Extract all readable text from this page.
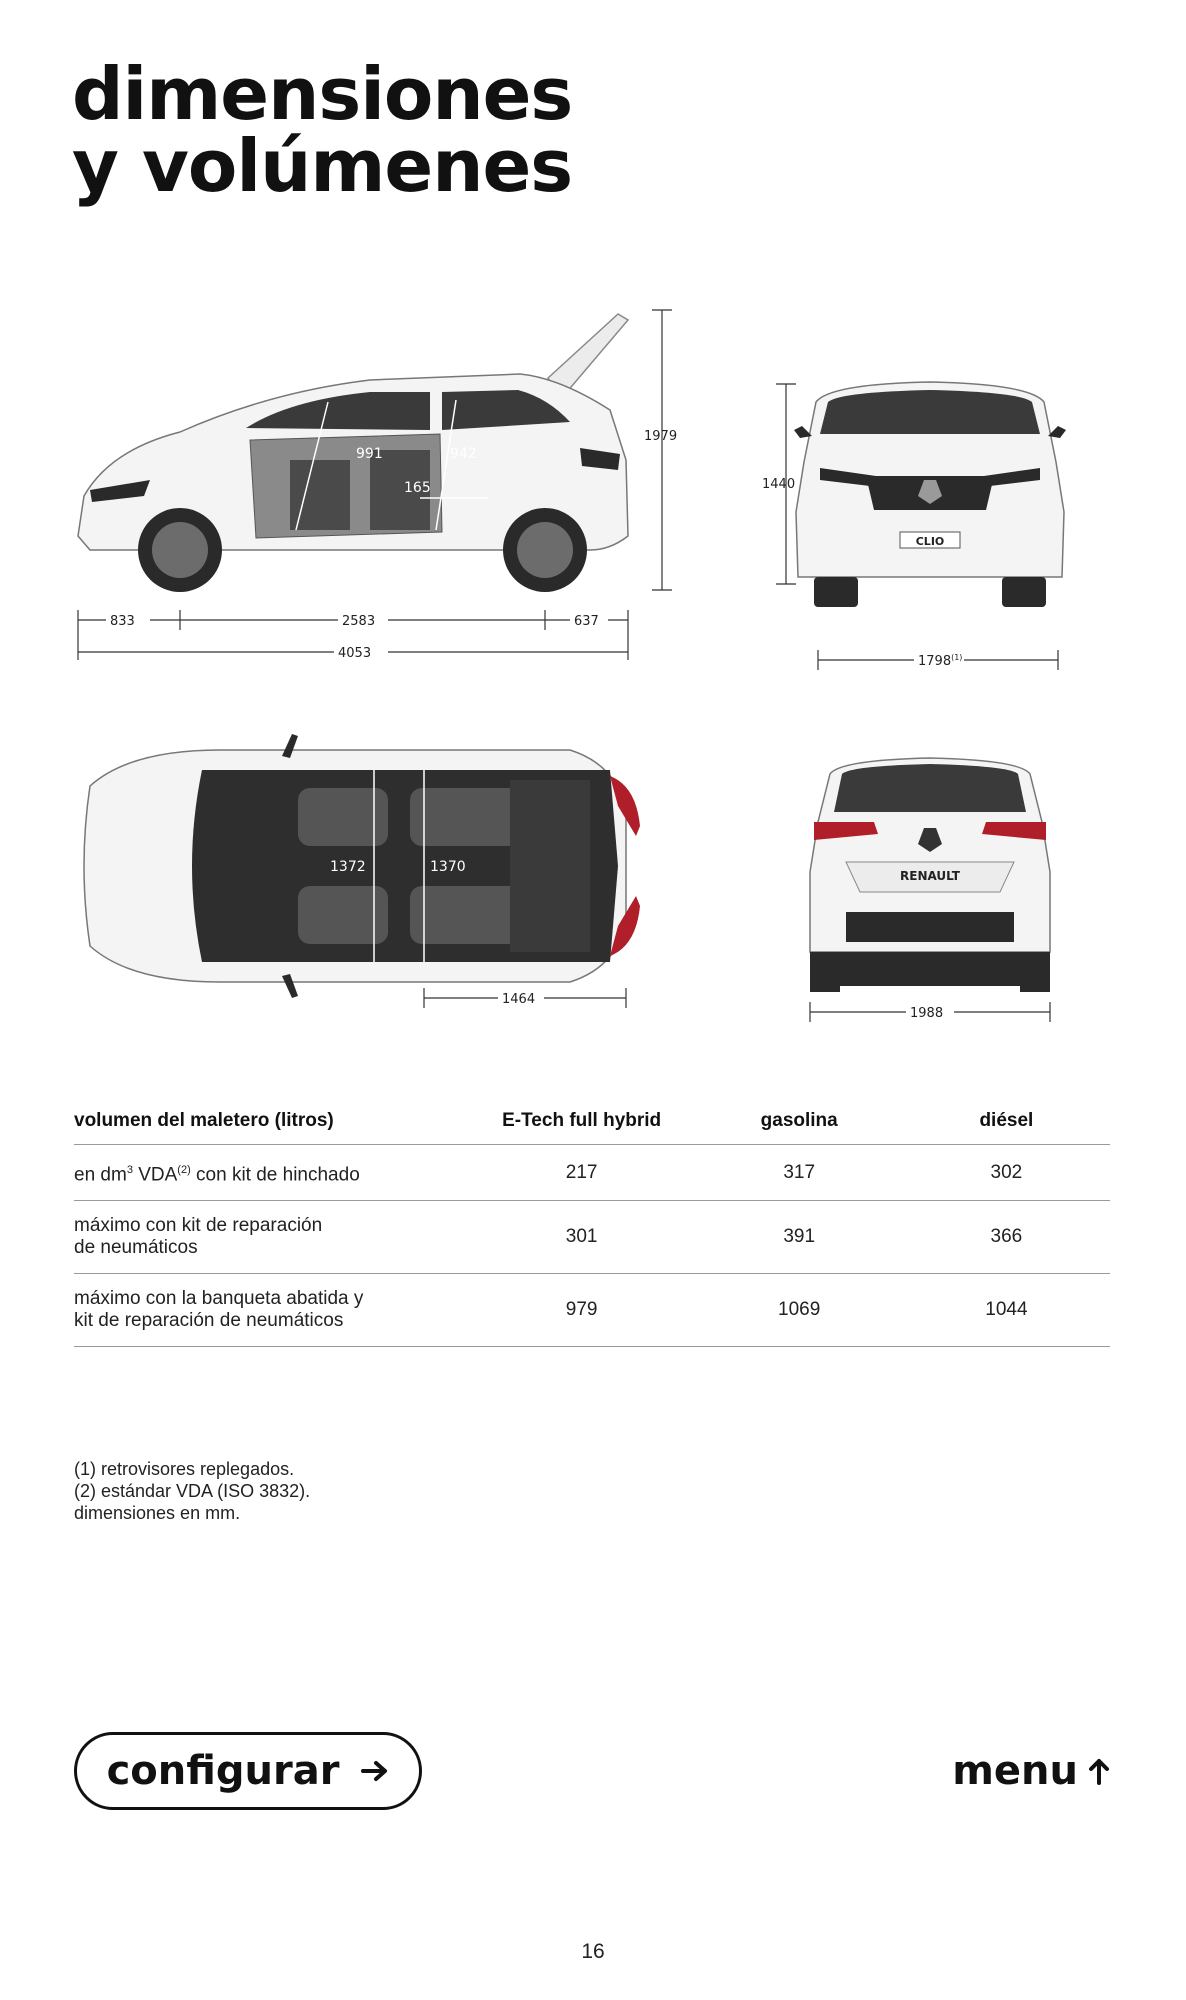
dimensiones
y volúmenes
991	942
165
1979
833	2583	637
4053
CLIO
1440
1798$^{(1)}$
1372	1370
1464
RENAULT
1988
volumen del maletero (litros)	E-Tech full hybrid	gasolina	diésel
en $dm^3$ VDA$^{(2)}$ con kit de hinchado	217	317	302
máximo con kit de reparación
de neumáticos	301	391	366
máximo con la banqueta abatida y
kit de reparación de neumáticos	979	1069	1044
(1) retrovisores replegados.
(2) estándar VDA (ISO 3832).
dimensiones en mm.
configurar	menu
16
